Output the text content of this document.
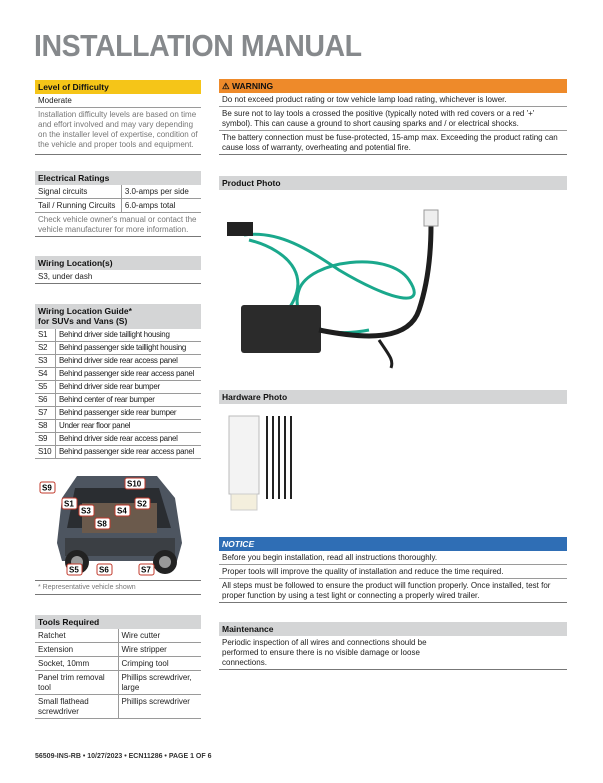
INSTALLATION MANUAL
Level of Difficulty
Moderate
Installation difficulty levels are based on time and effort involved and may vary depending on the installer level of expertise, condition of the vehicle and proper tools and equipment.
Electrical Ratings
Signal circuits	3.0-amps per side
Tail / Running Circuits	6.0-amps total
Check vehicle owner's manual or contact the vehicle manufacturer for more information.
Wiring Location(s)
S3, under dash
Wiring Location Guide*
for SUVs and Vans (S)
S1	Behind driver side taillight housing
S2	Behind passenger side taillight housing
S3	Behind driver side rear access panel
S4	Behind passenger side rear access panel
S5	Behind driver side rear bumper
S6	Behind center of rear bumper
S7	Behind passenger side rear bumper
S8	Under rear floor panel
S9	Behind driver side rear access panel
S10	Behind passenger side rear access panel
S1	S2
S3	S4
S5	S6	S7
S8
S9	S10
* Representative vehicle shown
Tools Required
Ratchet	Wire cutter
Extension	Wire stripper
Socket, 10mm	Crimping tool
Panel trim removal tool	Phillips screwdriver, large
Small flathead screwdriver	Phillips screwdriver
⚠ WARNING
Do not exceed product rating or tow vehicle lamp load rating, whichever is lower.
Be sure not to lay tools a crossed the positive (typically noted with red covers or a red '+' symbol). This can cause a ground to short causing sparks and / or electrical shocks.
The battery connection must be fuse-protected, 15-amp max. Exceeding the product rating can cause loss of warranty, overheating and potential fire.
Product Photo
Hardware Photo
NOTICE
Before you begin installation, read all instructions thoroughly.
Proper tools will improve the quality of installation and reduce the time required.
All steps must be followed to ensure the product will function properly. Once installed, test for proper function by using a test light or connecting a properly wired trailer.
Maintenance
Periodic inspection of all wires and connections should be performed to ensure there is no visible damage or loose connections.
56509-INS-RB • 10/27/2023 • ECN11286 • PAGE 1 OF 6
